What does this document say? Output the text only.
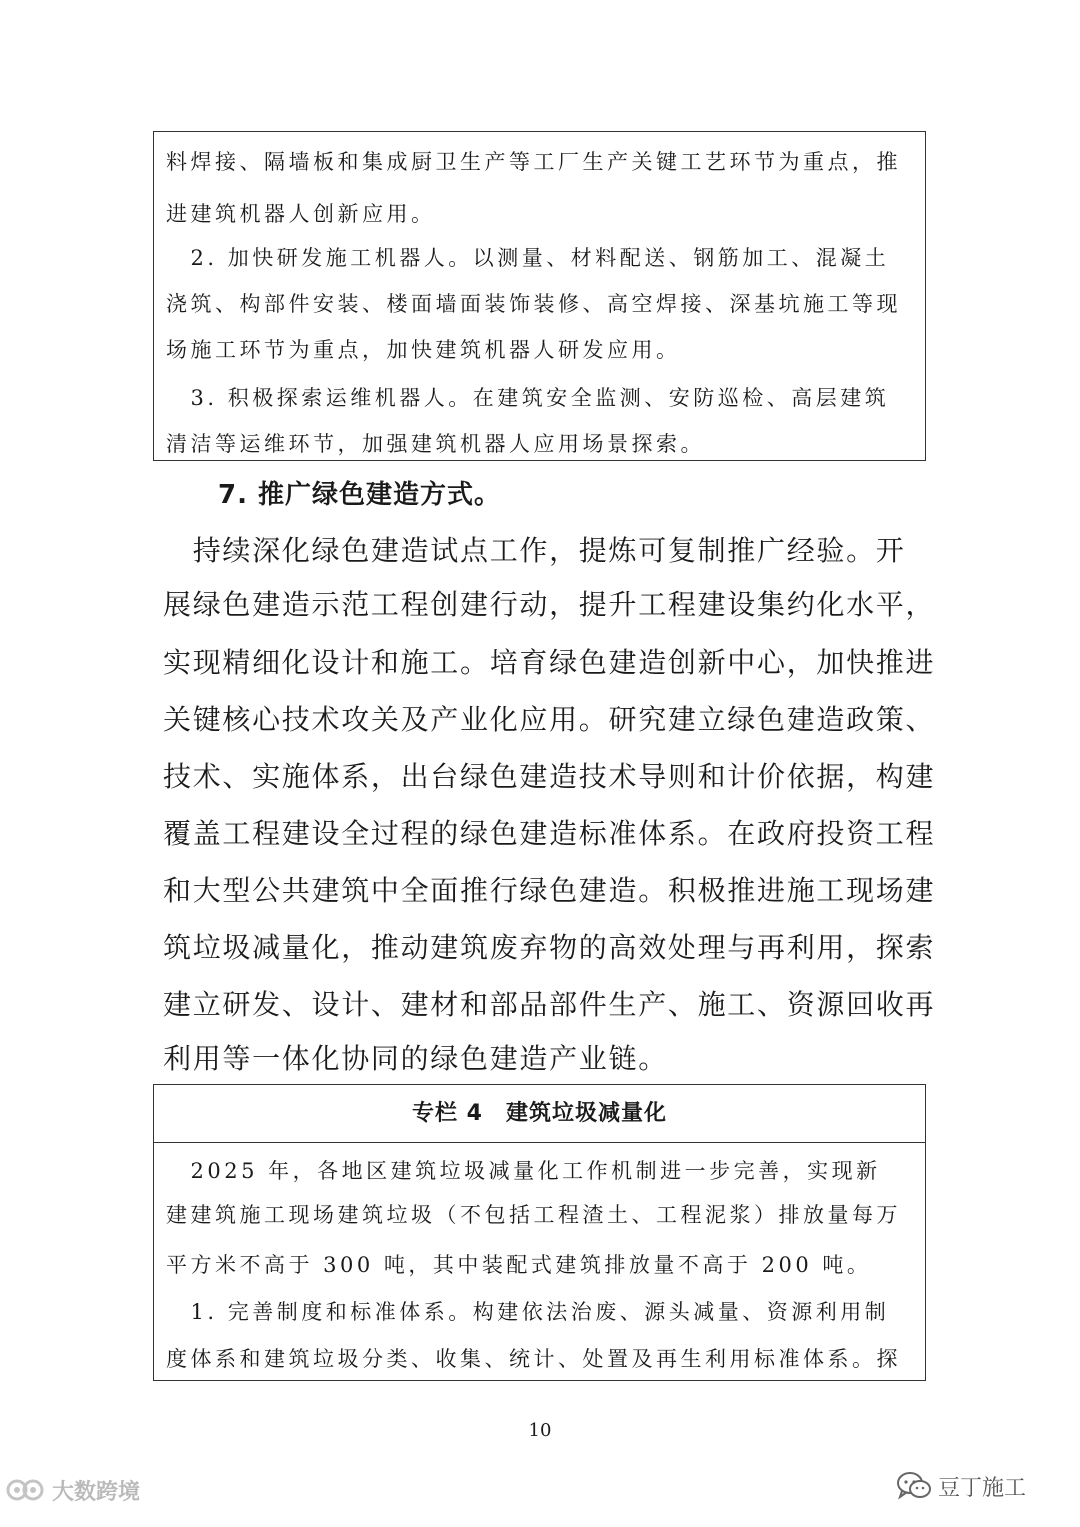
料焊接、隔墙板和集成厨卫生产等工厂生产关键工艺环节为重点，推
进建筑机器人创新应用。
　2. 加快研发施工机器人。以测量、材料配送、钢筋加工、混凝土
浇筑、构部件安装、楼面墙面装饰装修、高空焊接、深基坑施工等现
场施工环节为重点，加快建筑机器人研发应用。
　3. 积极探索运维机器人。在建筑安全监测、安防巡检、高层建筑
清洁等运维环节，加强建筑机器人应用场景探索。
7. 推广绿色建造方式。
　持续深化绿色建造试点工作，提炼可复制推广经验。开
展绿色建造示范工程创建行动，提升工程建设集约化水平，
实现精细化设计和施工。培育绿色建造创新中心，加快推进
关键核心技术攻关及产业化应用。研究建立绿色建造政策、
技术、实施体系，出台绿色建造技术导则和计价依据，构建
覆盖工程建设全过程的绿色建造标准体系。在政府投资工程
和大型公共建筑中全面推行绿色建造。积极推进施工现场建
筑垃圾减量化，推动建筑废弃物的高效处理与再利用，探索
建立研发、设计、建材和部品部件生产、施工、资源回收再
利用等一体化协同的绿色建造产业链。
专栏 4　建筑垃圾减量化
　2025 年，各地区建筑垃圾减量化工作机制进一步完善，实现新
建建筑施工现场建筑垃圾（不包括工程渣土、工程泥浆）排放量每万
平方米不高于 300 吨，其中装配式建筑排放量不高于 200 吨。
　1. 完善制度和标准体系。构建依法治废、源头减量、资源利用制
度体系和建筑垃圾分类、收集、统计、处置及再生利用标准体系。探
10
大数跨境	豆丁施工
